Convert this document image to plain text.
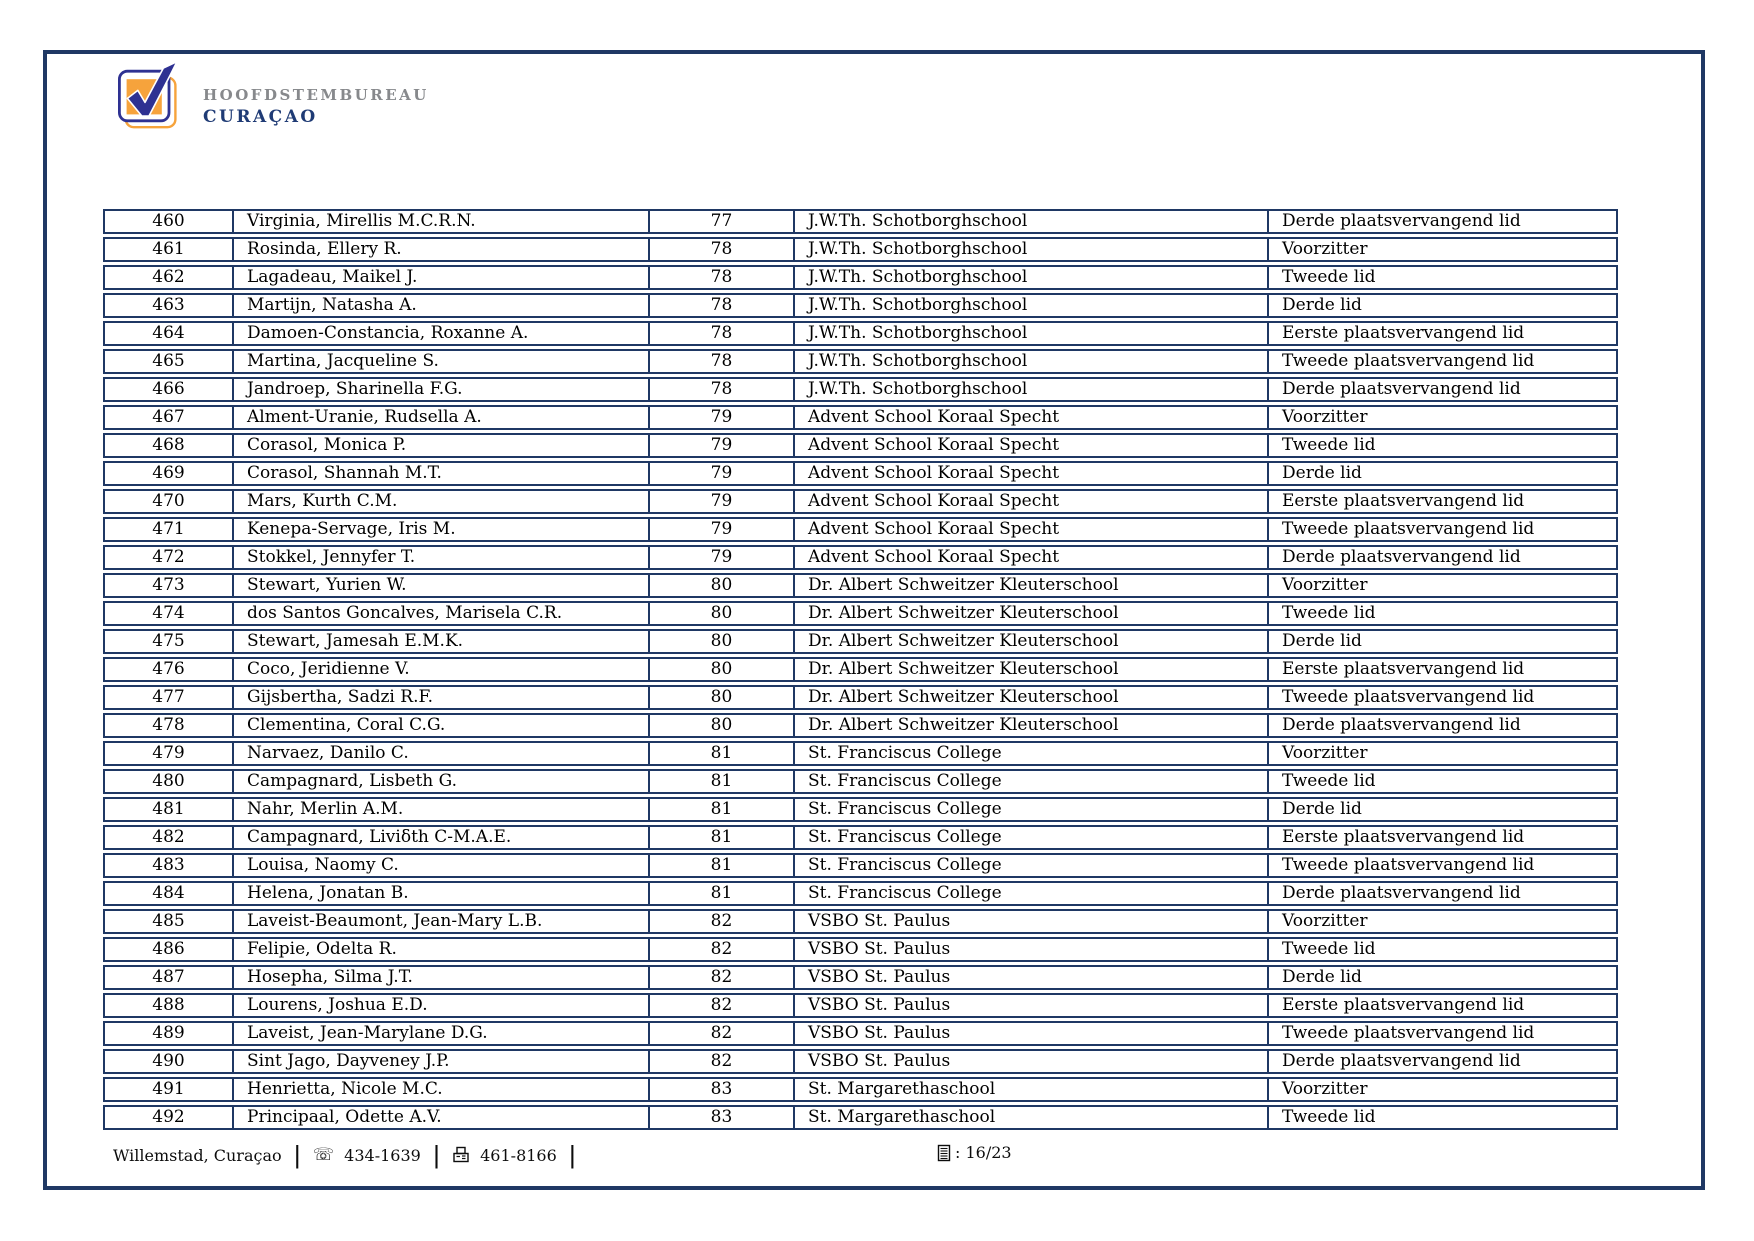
HOOFDSTEMBUREAU
CURAÇAO
460	Virginia, Mirellis M.C.R.N.	77	J.W.Th. Schotborghschool	Derde plaatsvervangend lid
461	Rosinda, Ellery R.	78	J.W.Th. Schotborghschool	Voorzitter
462	Lagadeau, Maikel J.	78	J.W.Th. Schotborghschool	Tweede lid
463	Martijn, Natasha A.	78	J.W.Th. Schotborghschool	Derde lid
464	Damoen-Constancia, Roxanne A.	78	J.W.Th. Schotborghschool	Eerste plaatsvervangend lid
465	Martina, Jacqueline S.	78	J.W.Th. Schotborghschool	Tweede plaatsvervangend lid
466	Jandroep, Sharinella F.G.	78	J.W.Th. Schotborghschool	Derde plaatsvervangend lid
467	Alment-Uranie, Rudsella A.	79	Advent School Koraal Specht	Voorzitter
468	Corasol, Monica P.	79	Advent School Koraal Specht	Tweede lid
469	Corasol, Shannah M.T.	79	Advent School Koraal Specht	Derde lid
470	Mars, Kurth C.M.	79	Advent School Koraal Specht	Eerste plaatsvervangend lid
471	Kenepa-Servage, Iris M.	79	Advent School Koraal Specht	Tweede plaatsvervangend lid
472	Stokkel, Jennyfer T.	79	Advent School Koraal Specht	Derde plaatsvervangend lid
473	Stewart, Yurien W.	80	Dr. Albert Schweitzer Kleuterschool	Voorzitter
474	dos Santos Goncalves, Marisela C.R.	80	Dr. Albert Schweitzer Kleuterschool	Tweede lid
475	Stewart, Jamesah E.M.K.	80	Dr. Albert Schweitzer Kleuterschool	Derde lid
476	Coco, Jeridienne V.	80	Dr. Albert Schweitzer Kleuterschool	Eerste plaatsvervangend lid
477	Gijsbertha, Sadzi R.F.	80	Dr. Albert Schweitzer Kleuterschool	Tweede plaatsvervangend lid
478	Clementina, Coral C.G.	80	Dr. Albert Schweitzer Kleuterschool	Derde plaatsvervangend lid
479	Narvaez, Danilo C.	81	St. Franciscus College	Voorzitter
480	Campagnard, Lisbeth G.	81	St. Franciscus College	Tweede lid
481	Nahr, Merlin A.M.	81	St. Franciscus College	Derde lid
482	Campagnard, Liviδth C-M.A.E.	81	St. Franciscus College	Eerste plaatsvervangend lid
483	Louisa, Naomy C.	81	St. Franciscus College	Tweede plaatsvervangend lid
484	Helena, Jonatan B.	81	St. Franciscus College	Derde plaatsvervangend lid
485	Laveist-Beaumont, Jean-Mary L.B.	82	VSBO St. Paulus	Voorzitter
486	Felipie, Odelta R.	82	VSBO St. Paulus	Tweede lid
487	Hosepha, Silma J.T.	82	VSBO St. Paulus	Derde lid
488	Lourens, Joshua E.D.	82	VSBO St. Paulus	Eerste plaatsvervangend lid
489	Laveist, Jean-Marylane D.G.	82	VSBO St. Paulus	Tweede plaatsvervangend lid
490	Sint Jago, Dayveney J.P.	82	VSBO St. Paulus	Derde plaatsvervangend lid
491	Henrietta, Nicole M.C.	83	St. Margarethaschool	Voorzitter
492	Principaal, Odette A.V.	83	St. Margarethaschool	Tweede lid
Willemstad, Curaçao | ☏ 434-1639 |	461-8166 |	: 16/23
